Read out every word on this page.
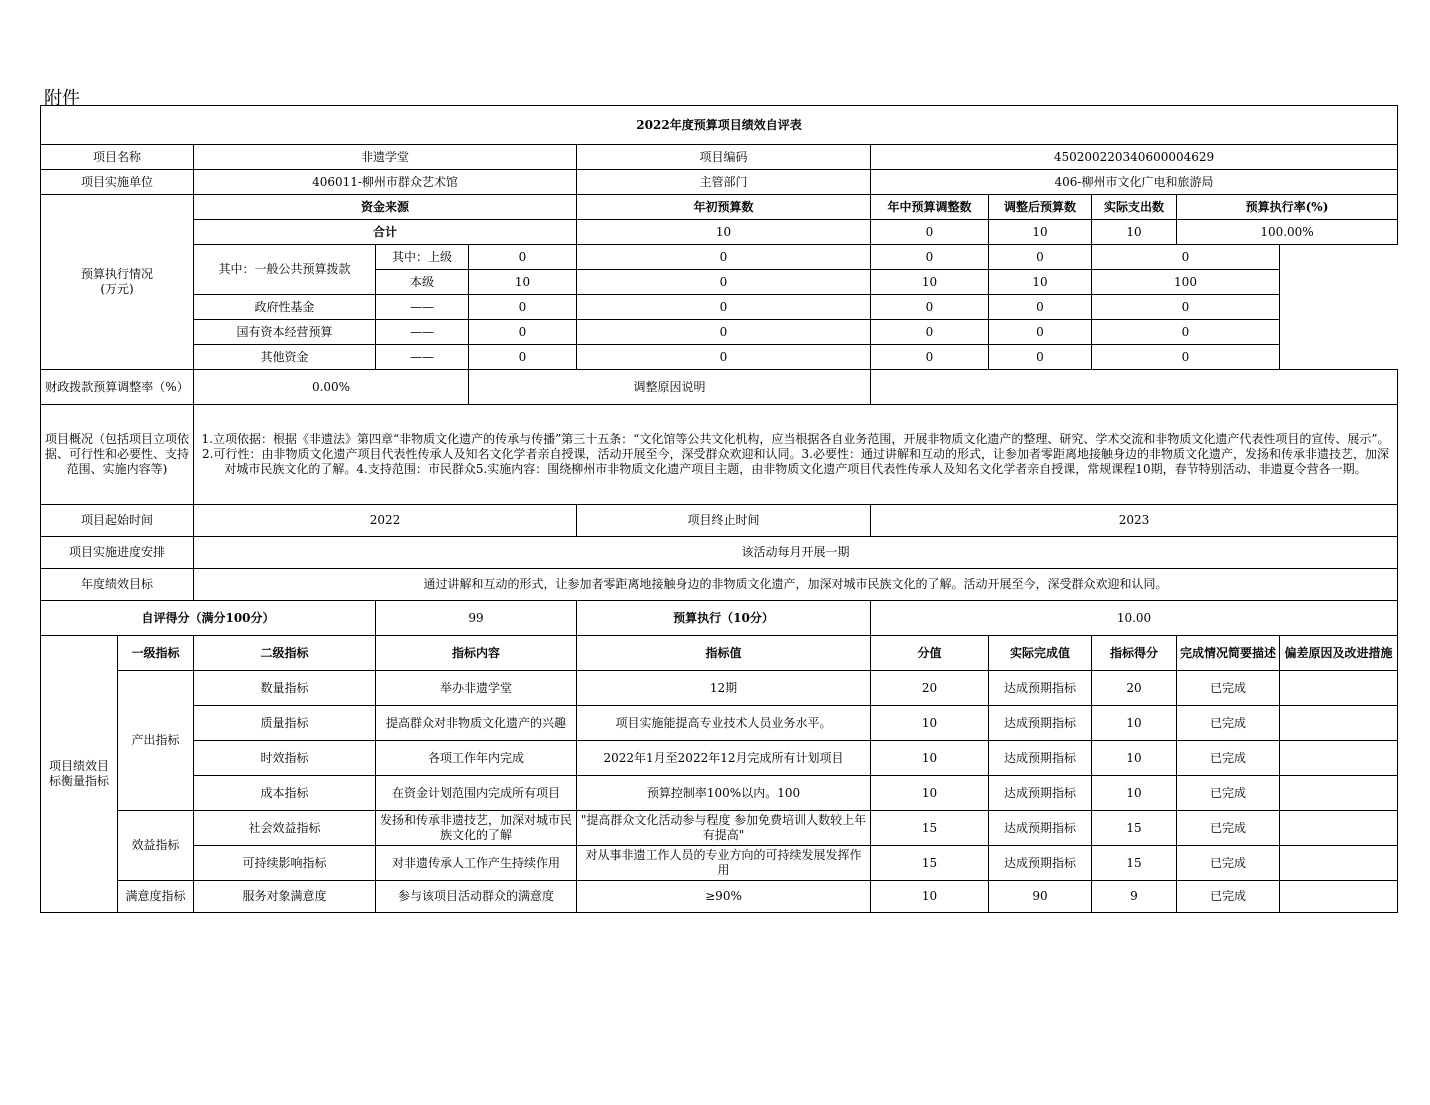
附件
2022年度预算项目绩效自评表										
项目名称		非遗学堂			项目编码	450200220340600004629				
项目实施单位		406011-柳州市群众艺术馆			主管部门	406-柳州市文化广电和旅游局				
预算执行情况
(万元)		资金来源			年初预算数	年中预算调整数	调整后预算数	实际支出数	预算执行率(%)	
		合计			10	0	10	10	100.00%	
		其中：一般公共预算拨款	其中：上级	0	0	0	0	0		
			本级	10	0	10	10	100		
		政府性基金	——	0	0	0	0	0		
		国有资本经营预算	——	0	0	0	0	0		
		其他资金	——	0	0	0	0	0		
财政拨款预算调整率（%）		0.00%		调整原因说明						
项目概况（包括项目立项依据、可行性和必要性、支持范围、实施内容等)		1.立项依据：根据《非遗法》第四章“非物质文化遗产的传承与传播”第三十五条：“文化馆等公共文化机构，应当根据各自业务范围，开展非物质文化遗产的整理、研究、学术交流和非物质文化遗产代表性项目的宣传、展示”。2.可行性：由非物质文化遗产项目代表性传承人及知名文化学者亲自授课，活动开展至今，深受群众欢迎和认同。3.必要性：通过讲解和互动的形式，让参加者零距离地接触身边的非物质文化遗产，发扬和传承非遗技艺，加深对城市民族文化的了解。4.支持范围：市民群众5.实施内容：围绕柳州市非物质文化遗产项目主题，由非物质文化遗产项目代表性传承人及知名文化学者亲自授课，常规课程10期，春节特别活动、非遗夏令营各一期。								
项目起始时间		2022			项目终止时间	2023				
项目实施进度安排		该活动每月开展一期								
年度绩效目标		通过讲解和互动的形式，让参加者零距离地接触身边的非物质文化遗产，加深对城市民族文化的了解。活动开展至今，深受群众欢迎和认同。								
自评得分（满分100分）			99		预算执行（10分）	10.00				
项目绩效目标衡量指标	一级指标	二级指标	指标内容		指标值	分值	实际完成值	指标得分	完成情况简要描述	偏差原因及改进措施
	产出指标	数量指标	举办非遗学堂		12期	20	达成预期指标	20	已完成	
		质量指标	提高群众对非物质文化遗产的兴趣		项目实施能提高专业技术人员业务水平。	10	达成预期指标	10	已完成	
		时效指标	各项工作年内完成		2022年1月至2022年12月完成所有计划项目	10	达成预期指标	10	已完成	
		成本指标	在资金计划范围内完成所有项目		预算控制率100%以内。100	10	达成预期指标	10	已完成	
	效益指标	社会效益指标	发扬和传承非遗技艺，加深对城市民族文化的了解		"提高群众文化活动参与程度 参加免费培训人数较上年有提高"	15	达成预期指标	15	已完成	
		可持续影响指标	对非遗传承人工作产生持续作用		对从事非遗工作人员的专业方向的可持续发展发挥作用	15	达成预期指标	15	已完成	
	满意度指标	服务对象满意度	参与该项目活动群众的满意度		≥90%	10	90	9	已完成	
